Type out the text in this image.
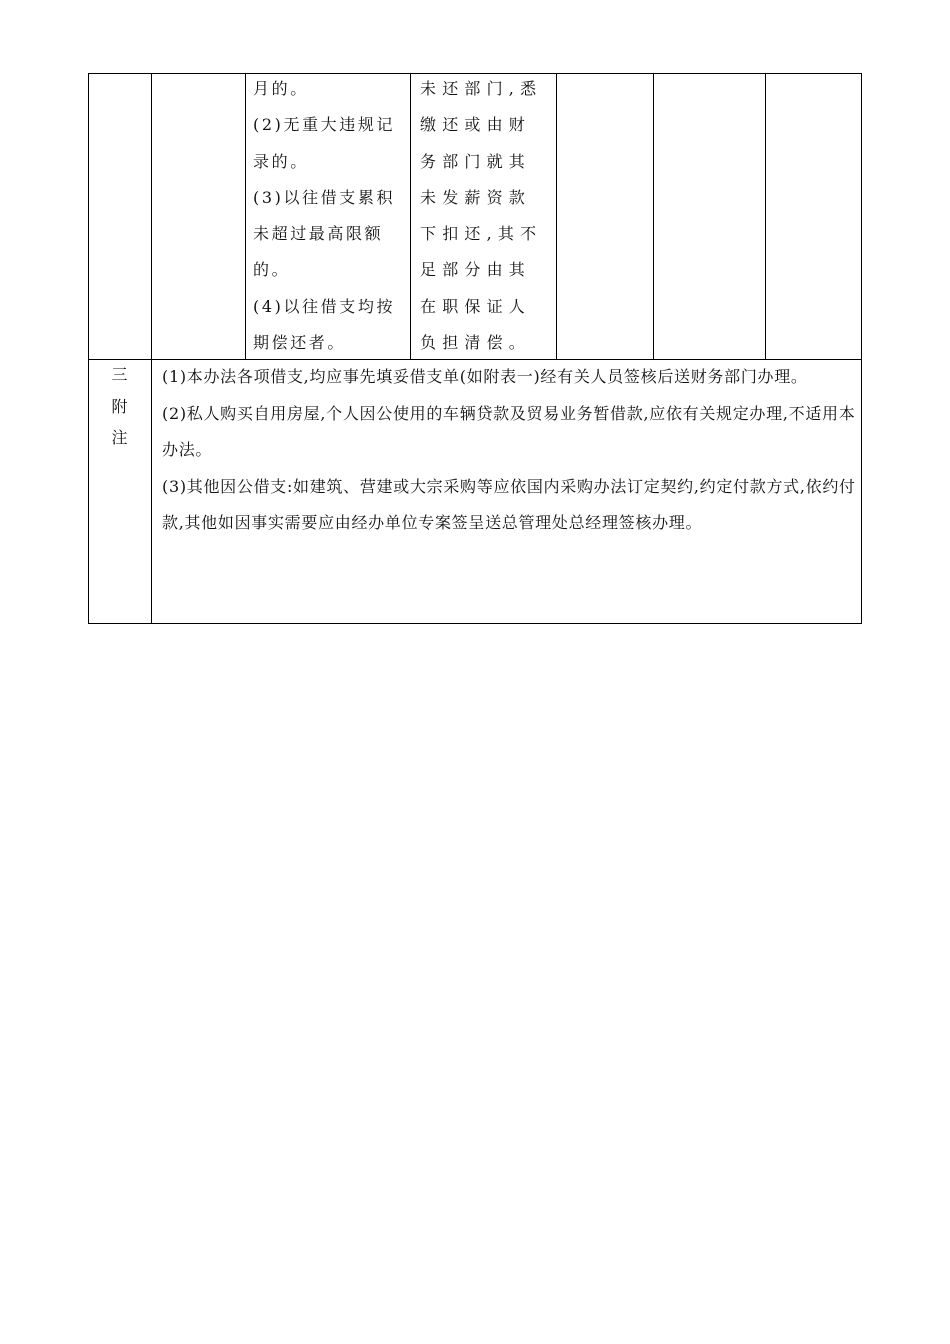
月的。

(2)无重大违规记录的。

(3)以往借支累积未超过最高限额的。

(4)以往借支均按期偿还者。

未还部门,悉缴还或由财务部门就其未发薪资款下扣还,其不足部分由其在职保证人负担清偿。

三
附
注

(1)本办法各项借支,均应事先填妥借支单(如附表一)经有关人员签核后送财务部门办理。

(2)私人购买自用房屋,个人因公使用的车辆贷款及贸易业务暂借款,应依有关规定办理,不适用本办法。

(3)其他因公借支:如建筑、营建或大宗采购等应依国内采购办法订定契约,约定付款方式,依约付款,其他如因事实需要应由经办单位专案签呈送总管理处总经理签核办理。
